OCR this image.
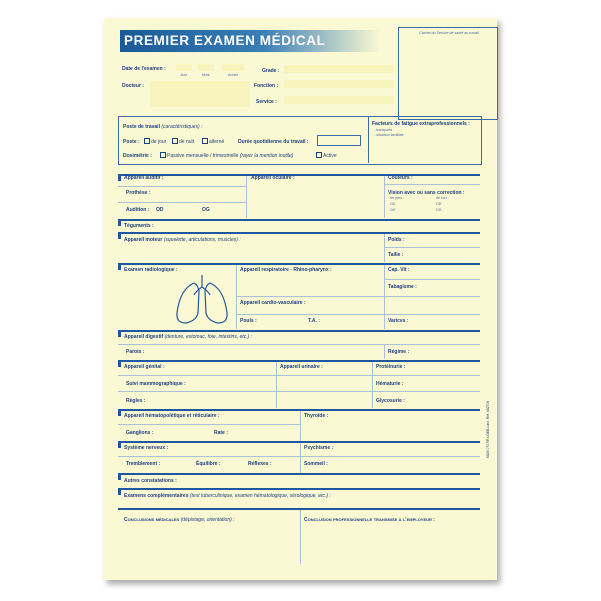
PREMIER EXAMEN MÉDICAL	Cachet du Service de santé au travail
Date de l'examen :
Jour	Mois	Année
Grade :
Docteur :	Fonction :
Service :
Poste de travail (caractéristiques) :
Poste : de jour	de nuit	alterné	Durée quotidienne du travail :
Dosimétrie :	Passive mensuelle / trimestrielle (rayer la mention inutile)	Active
Facteurs de fatigue extraprofessionnels :
- transports
- situation familiale
Appareil auditif :	Appareil oculaire :	Couleurs :
Prothèse :	Vision avec ou sans correction :
de près :	de loin :
OD	OD
OG	OG
Audition : OD	OG
Téguments :
Appareil moteur (squelette, articulations, muscles) :	Poids :
Taille :
Examen radiologique :	Appareil respiratoire - Rhino-pharynx :	Cap. Vit :
Tabagisme :
Appareil cardio-vasculaire :
Pouls :	T.A. :	Varices :
Appareil digestif (denture, estomac, foie, intestins, etc.) :
Parois :	Régime :
Appareil génital :	Appareil urinaire :	Protéinurie :
Suivi mammographique :	Hématurie :
Règles :	Glycosurie :
Appareil hématopoïétique et réticulaire :	Thyroïde :
Ganglions :	Rate :
Système nerveux :	Psychisme :
Tremblement :	Équilibre :	Réflexes :	Sommeil :
Autres constatations :
Examens complémentaires (test tuberculinique, examen hématologique, sérologique, etc.) :
Conclusions médicales (dépistage, orientation) :	Conclusion professionnelle transmise à l'employeur :
6826 0707/R LOEB-Lavr. Ref. 682706
